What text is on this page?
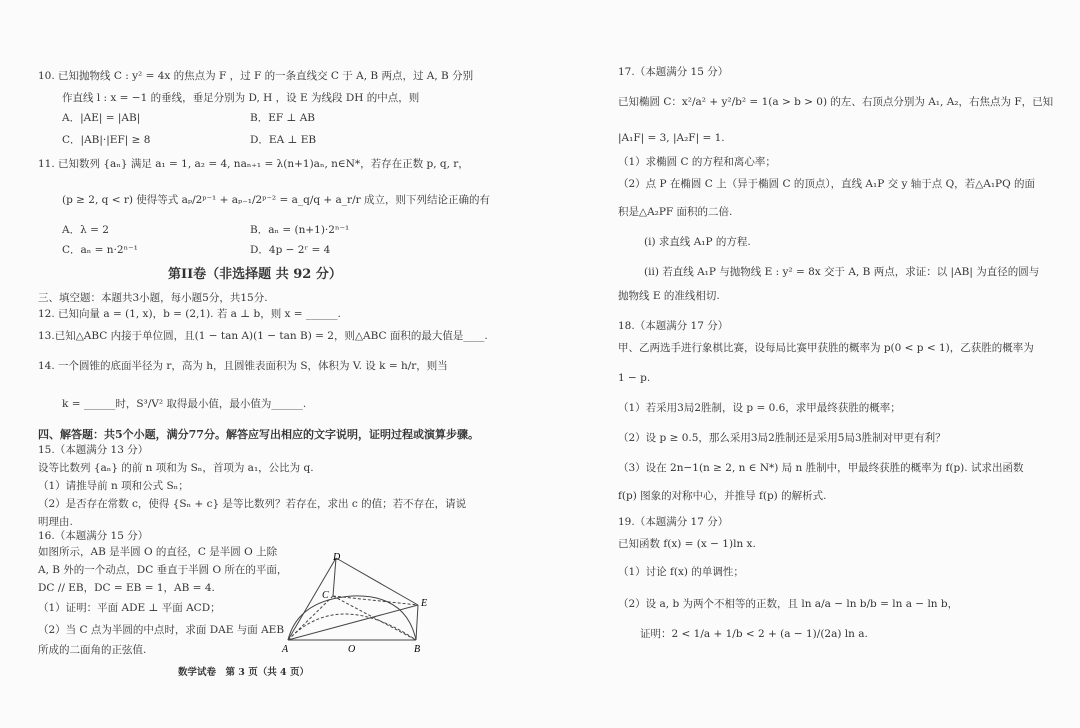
10. 已知抛物线 C : y² = 4x 的焦点为 F ，过 F 的一条直线交 C 于 A, B 两点，过 A, B 分别
作直线 l : x = −1 的垂线，垂足分别为 D, H ，设 E 为线段 DH 的中点，则
A．|AE| = |AB|	B．EF ⊥ AB
C．|AB|·|EF| ≥ 8	D．EA ⊥ EB
11. 已知数列 {aₙ} 满足 a₁ = 1, a₂ = 4, naₙ₊₁ = λ(n+1)aₙ, n∈N*，若存在正数 p, q, r，
(p ≥ 2, q < r) 使得等式 aₚ/2ᵖ⁻¹ + aₚ₋₁/2ᵖ⁻² = a_q/q + a_r/r 成立，则下列结论正确的有
A．λ = 2	B．aₙ = (n+1)·2ⁿ⁻¹
C．aₙ = n·2ⁿ⁻¹	D．4p − 2ʳ = 4
第II卷（非选择题 共 92 分）
三、填空题：本题共3小题，每小题5分，共15分.
12. 已知向量 a = (1, x)，b = (2,1). 若 a ⊥ b，则 x = ______.
13.已知△ABC 内接于单位圆，且(1 − tan A)(1 − tan B) = 2，则△ABC 面积的最大值是____.
14. 一个圆锥的底面半径为 r，高为 h，且圆锥表面积为 S，体积为 V. 设 k = h/r，则当
k = ______时，S³/V² 取得最小值，最小值为______.
四、解答题：共5个小题，满分77分。解答应写出相应的文字说明，证明过程或演算步骤。
15.（本题满分 13 分）
设等比数列 {aₙ} 的前 n 项和为 Sₙ，首项为 a₁，公比为 q.
（1）请推导前 n 项和公式 Sₙ；
（2）是否存在常数 c，使得 {Sₙ + c} 是等比数列？若存在，求出 c 的值；若不存在，请说
明理由.
16.（本题满分 15 分）
如图所示，AB 是半圆 O 的直径，C 是半圆 O 上除
A, B 外的一个动点，DC 垂直于半圆 O 所在的平面，
DC // EB，DC = EB = 1，AB = 4.
（1）证明：平面 ADE ⊥ 平面 ACD；
（2）当 C 点为半圆的中点时，求面 DAE 与面 AEB
所成的二面角的正弦值.
D
C
E
A	O	B
数学试卷　第 3 页（共 4 页）
17.（本题满分 15 分）
已知椭圆 C：x²/a² + y²/b² = 1(a > b > 0) 的左、右顶点分别为 A₁, A₂，右焦点为 F，已知
|A₁F| = 3, |A₂F| = 1.
（1）求椭圆 C 的方程和离心率；
（2）点 P 在椭圆 C 上（异于椭圆 C 的顶点），直线 A₁P 交 y 轴于点 Q，若△A₁PQ 的面
积是△A₂PF 面积的二倍.
(i) 求直线 A₁P 的方程.
(ii) 若直线 A₁P 与抛物线 E : y² = 8x 交于 A, B 两点，求证：以 |AB| 为直径的圆与
抛物线 E 的准线相切.
18.（本题满分 17 分）
甲、乙两选手进行象棋比赛，设每局比赛甲获胜的概率为 p(0 < p < 1)，乙获胜的概率为
1 − p.
（1）若采用3局2胜制，设 p = 0.6，求甲最终获胜的概率；
（2）设 p ≥ 0.5，那么采用3局2胜制还是采用5局3胜制对甲更有利？
（3）设在 2n−1(n ≥ 2, n ∈ N*) 局 n 胜制中，甲最终获胜的概率为 f(p). 试求出函数
f(p) 图象的对称中心，并推导 f(p) 的解析式.
19.（本题满分 17 分）
已知函数 f(x) = (x − 1)ln x.
（1）讨论 f(x) 的单调性；
（2）设 a, b 为两个不相等的正数，且 ln a/a − ln b/b = ln a − ln b，
证明：2 < 1/a + 1/b < 2 + (a − 1)/(2a) ln a.
